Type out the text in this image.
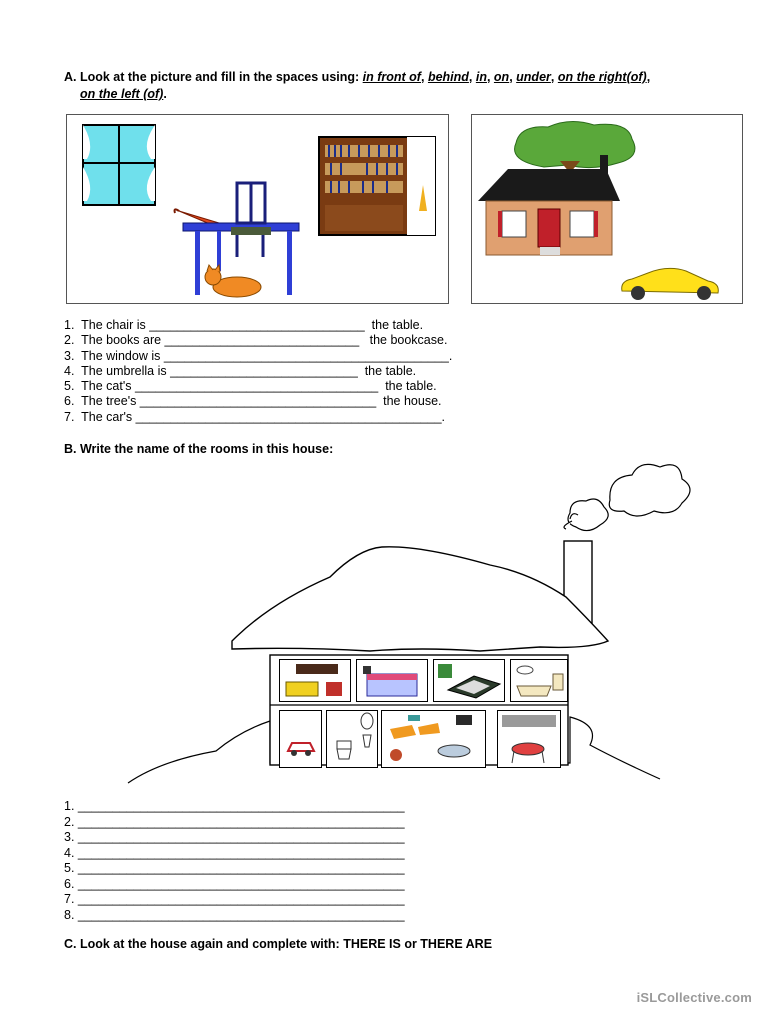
A. Look at the picture and fill in the spaces using: in front of, behind, in, on, under, on the right(of),
on the left (of).
1.  The chair is _______________________________  the table.
2.  The books are ____________________________   the bookcase.
3.  The window is _________________________________________.
4.  The umbrella is ___________________________  the table.
5.  The cat's ___________________________________  the table.
6.  The tree's __________________________________  the house.
7.  The car's ____________________________________________.
B. Write the name of the rooms in this house:
1. _______________________________________________
2. _______________________________________________
3. _______________________________________________
4. _______________________________________________
5. _______________________________________________
6. _______________________________________________
7. _______________________________________________
8. _______________________________________________
C. Look at the house again and complete with: THERE IS or THERE ARE
iSLCollective.com
